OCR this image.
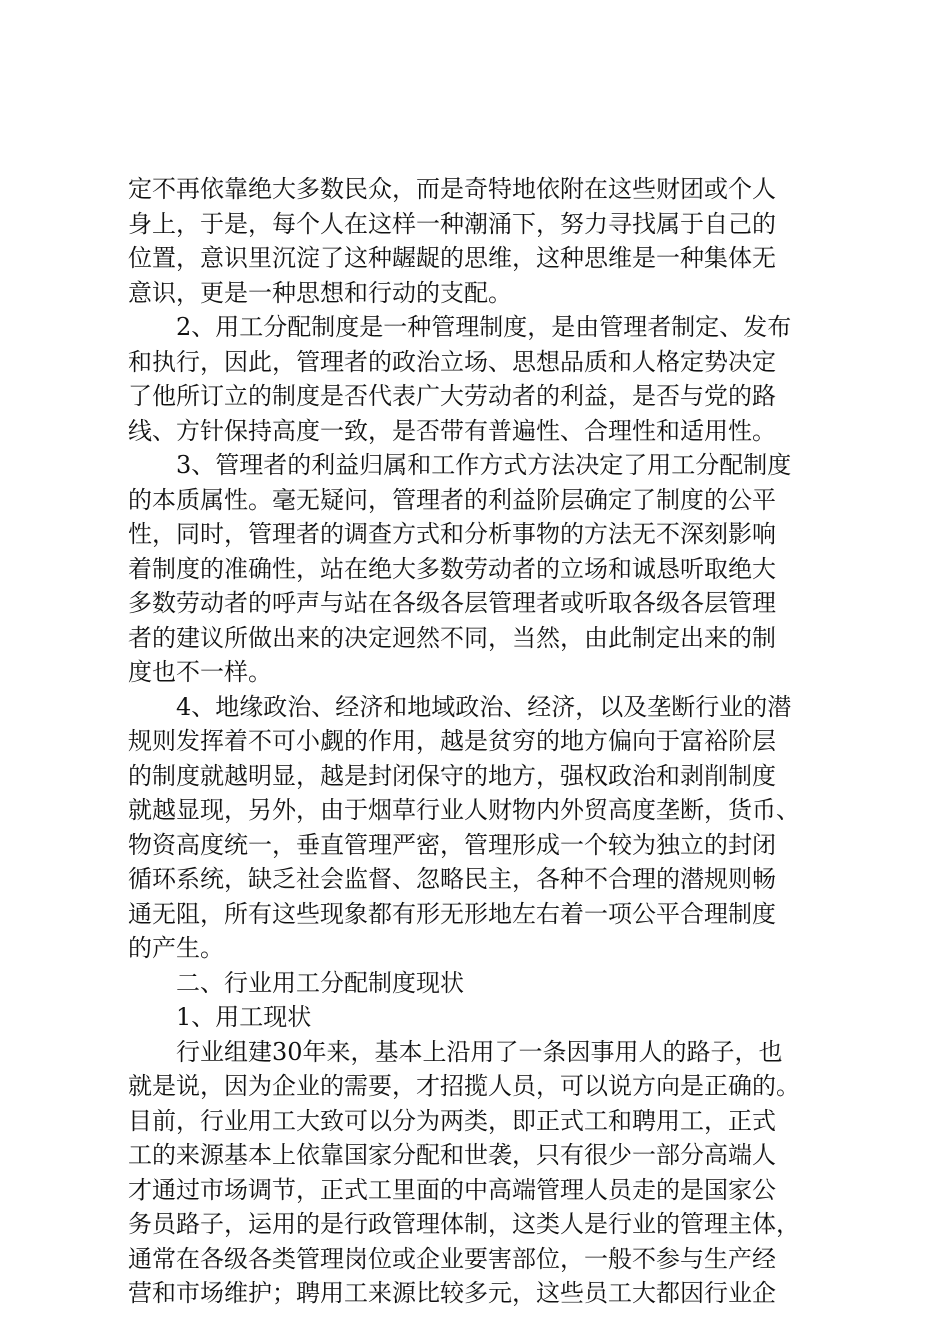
定不再依靠绝大多数民众，而是奇特地依附在这些财团或个人
身上，于是，每个人在这样一种潮涌下，努力寻找属于自己的
位置，意识里沉淀了这种龌龊的思维，这种思维是一种集体无
意识，更是一种思想和行动的支配。
2、用工分配制度是一种管理制度，是由管理者制定、发布
和执行，因此，管理者的政治立场、思想品质和人格定势决定
了他所订立的制度是否代表广大劳动者的利益，是否与党的路
线、方针保持高度一致，是否带有普遍性、合理性和适用性。
3、管理者的利益归属和工作方式方法决定了用工分配制度
的本质属性。毫无疑问，管理者的利益阶层确定了制度的公平
性，同时，管理者的调查方式和分析事物的方法无不深刻影响
着制度的准确性，站在绝大多数劳动者的立场和诚恳听取绝大
多数劳动者的呼声与站在各级各层管理者或听取各级各层管理
者的建议所做出来的决定迥然不同，当然，由此制定出来的制
度也不一样。
4、地缘政治、经济和地域政治、经济，以及垄断行业的潜
规则发挥着不可小觑的作用，越是贫穷的地方偏向于富裕阶层
的制度就越明显，越是封闭保守的地方，强权政治和剥削制度
就越显现，另外，由于烟草行业人财物内外贸高度垄断，货币、
物资高度统一，垂直管理严密，管理形成一个较为独立的封闭
循环系统，缺乏社会监督、忽略民主，各种不合理的潜规则畅
通无阻，所有这些现象都有形无形地左右着一项公平合理制度
的产生。
二、行业用工分配制度现状
1、用工现状
行业组建30年来，基本上沿用了一条因事用人的路子，也
就是说，因为企业的需要，才招揽人员，可以说方向是正确的。
目前，行业用工大致可以分为两类，即正式工和聘用工，正式
工的来源基本上依靠国家分配和世袭，只有很少一部分高端人
才通过市场调节，正式工里面的中高端管理人员走的是国家公
务员路子，运用的是行政管理体制，这类人是行业的管理主体，
通常在各级各类管理岗位或企业要害部位，一般不参与生产经
营和市场维护；聘用工来源比较多元，这些员工大都因行业企
